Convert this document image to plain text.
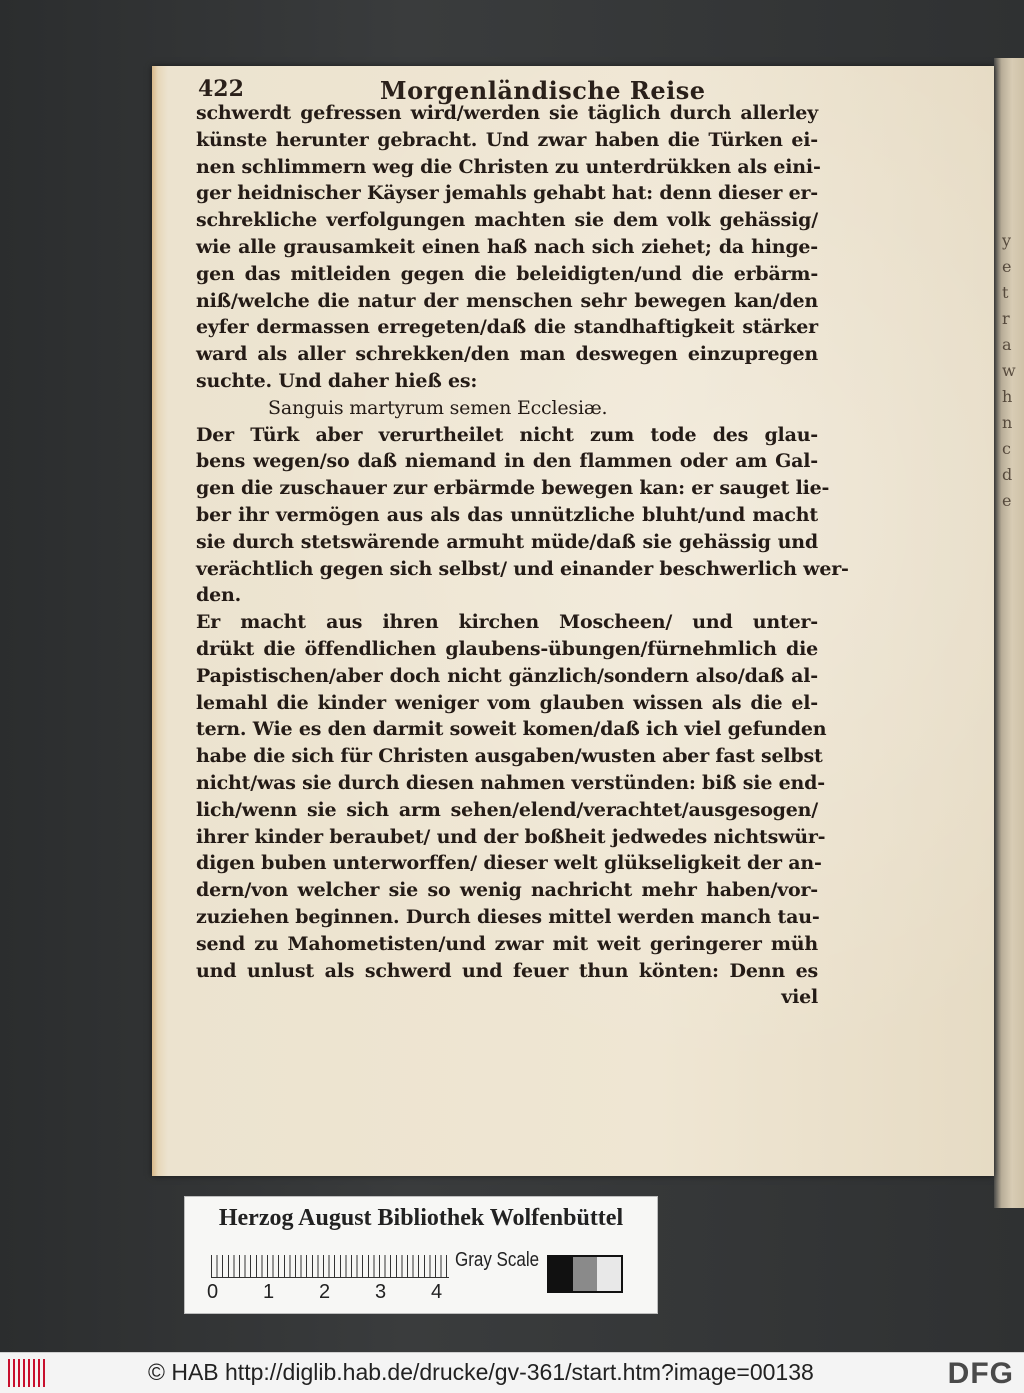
y
e
t
r
a
w
h
n
c
d
e
422	Morgenländische Reise
schwerdt gefressen wird/werden sie täglich durch allerley
künste herunter gebracht. Und zwar haben die Türken ei-
nen schlimmern weg die Christen zu unterdrükken als eini-
ger heidnischer Käyser jemahls gehabt hat: denn dieser er-
schrekliche verfolgungen machten sie dem volk gehässig/
wie alle grausamkeit einen haß nach sich ziehet; da hinge-
gen das mitleiden gegen die beleidigten/und die erbärm-
niß/welche die natur der menschen sehr bewegen kan/den
eyfer dermassen erregeten/daß die standhaftigkeit stärker
ward als aller schrekken/den man deswegen einzupregen
suchte. Und daher hieß es:
Sanguis martyrum semen Ecclesiæ.
Der Türk aber verurtheilet nicht zum tode des glau-
bens wegen/so daß niemand in den flammen oder am Gal-
gen die zuschauer zur erbärmde bewegen kan: er sauget lie-
ber ihr vermögen aus als das unnützliche bluht/und macht
sie durch stetswärende armuht müde/daß sie gehässig und
verächtlich gegen sich selbst/ und einander beschwerlich wer-
den.
Er macht aus ihren kirchen Moscheen/ und unter-
drükt die öffendlichen glaubens-übungen/fürnehmlich die
Papistischen/aber doch nicht gänzlich/sondern also/daß al-
lemahl die kinder weniger vom glauben wissen als die el-
tern. Wie es den darmit soweit komen/daß ich viel gefunden
habe die sich für Christen ausgaben/wusten aber fast selbst
nicht/was sie durch diesen nahmen verstünden: biß sie end-
lich/wenn sie sich arm sehen/elend/verachtet/ausgesogen/
ihrer kinder beraubet/ und der boßheit jedwedes nichtswür-
digen buben unterworffen/ dieser welt glükseligkeit der an-
dern/von welcher sie so wenig nachricht mehr haben/vor-
zuziehen beginnen. Durch dieses mittel werden manch tau-
send zu Mahometisten/und zwar mit weit geringerer müh
und unlust als schwerd und feuer thun könten: Denn es
viel
Herzog August Bibliothek Wolfenbüttel
0 1 2 3 4
Gray Scale
© HAB http://diglib.hab.de/drucke/gv-361/start.htm?image=00138	DFG
